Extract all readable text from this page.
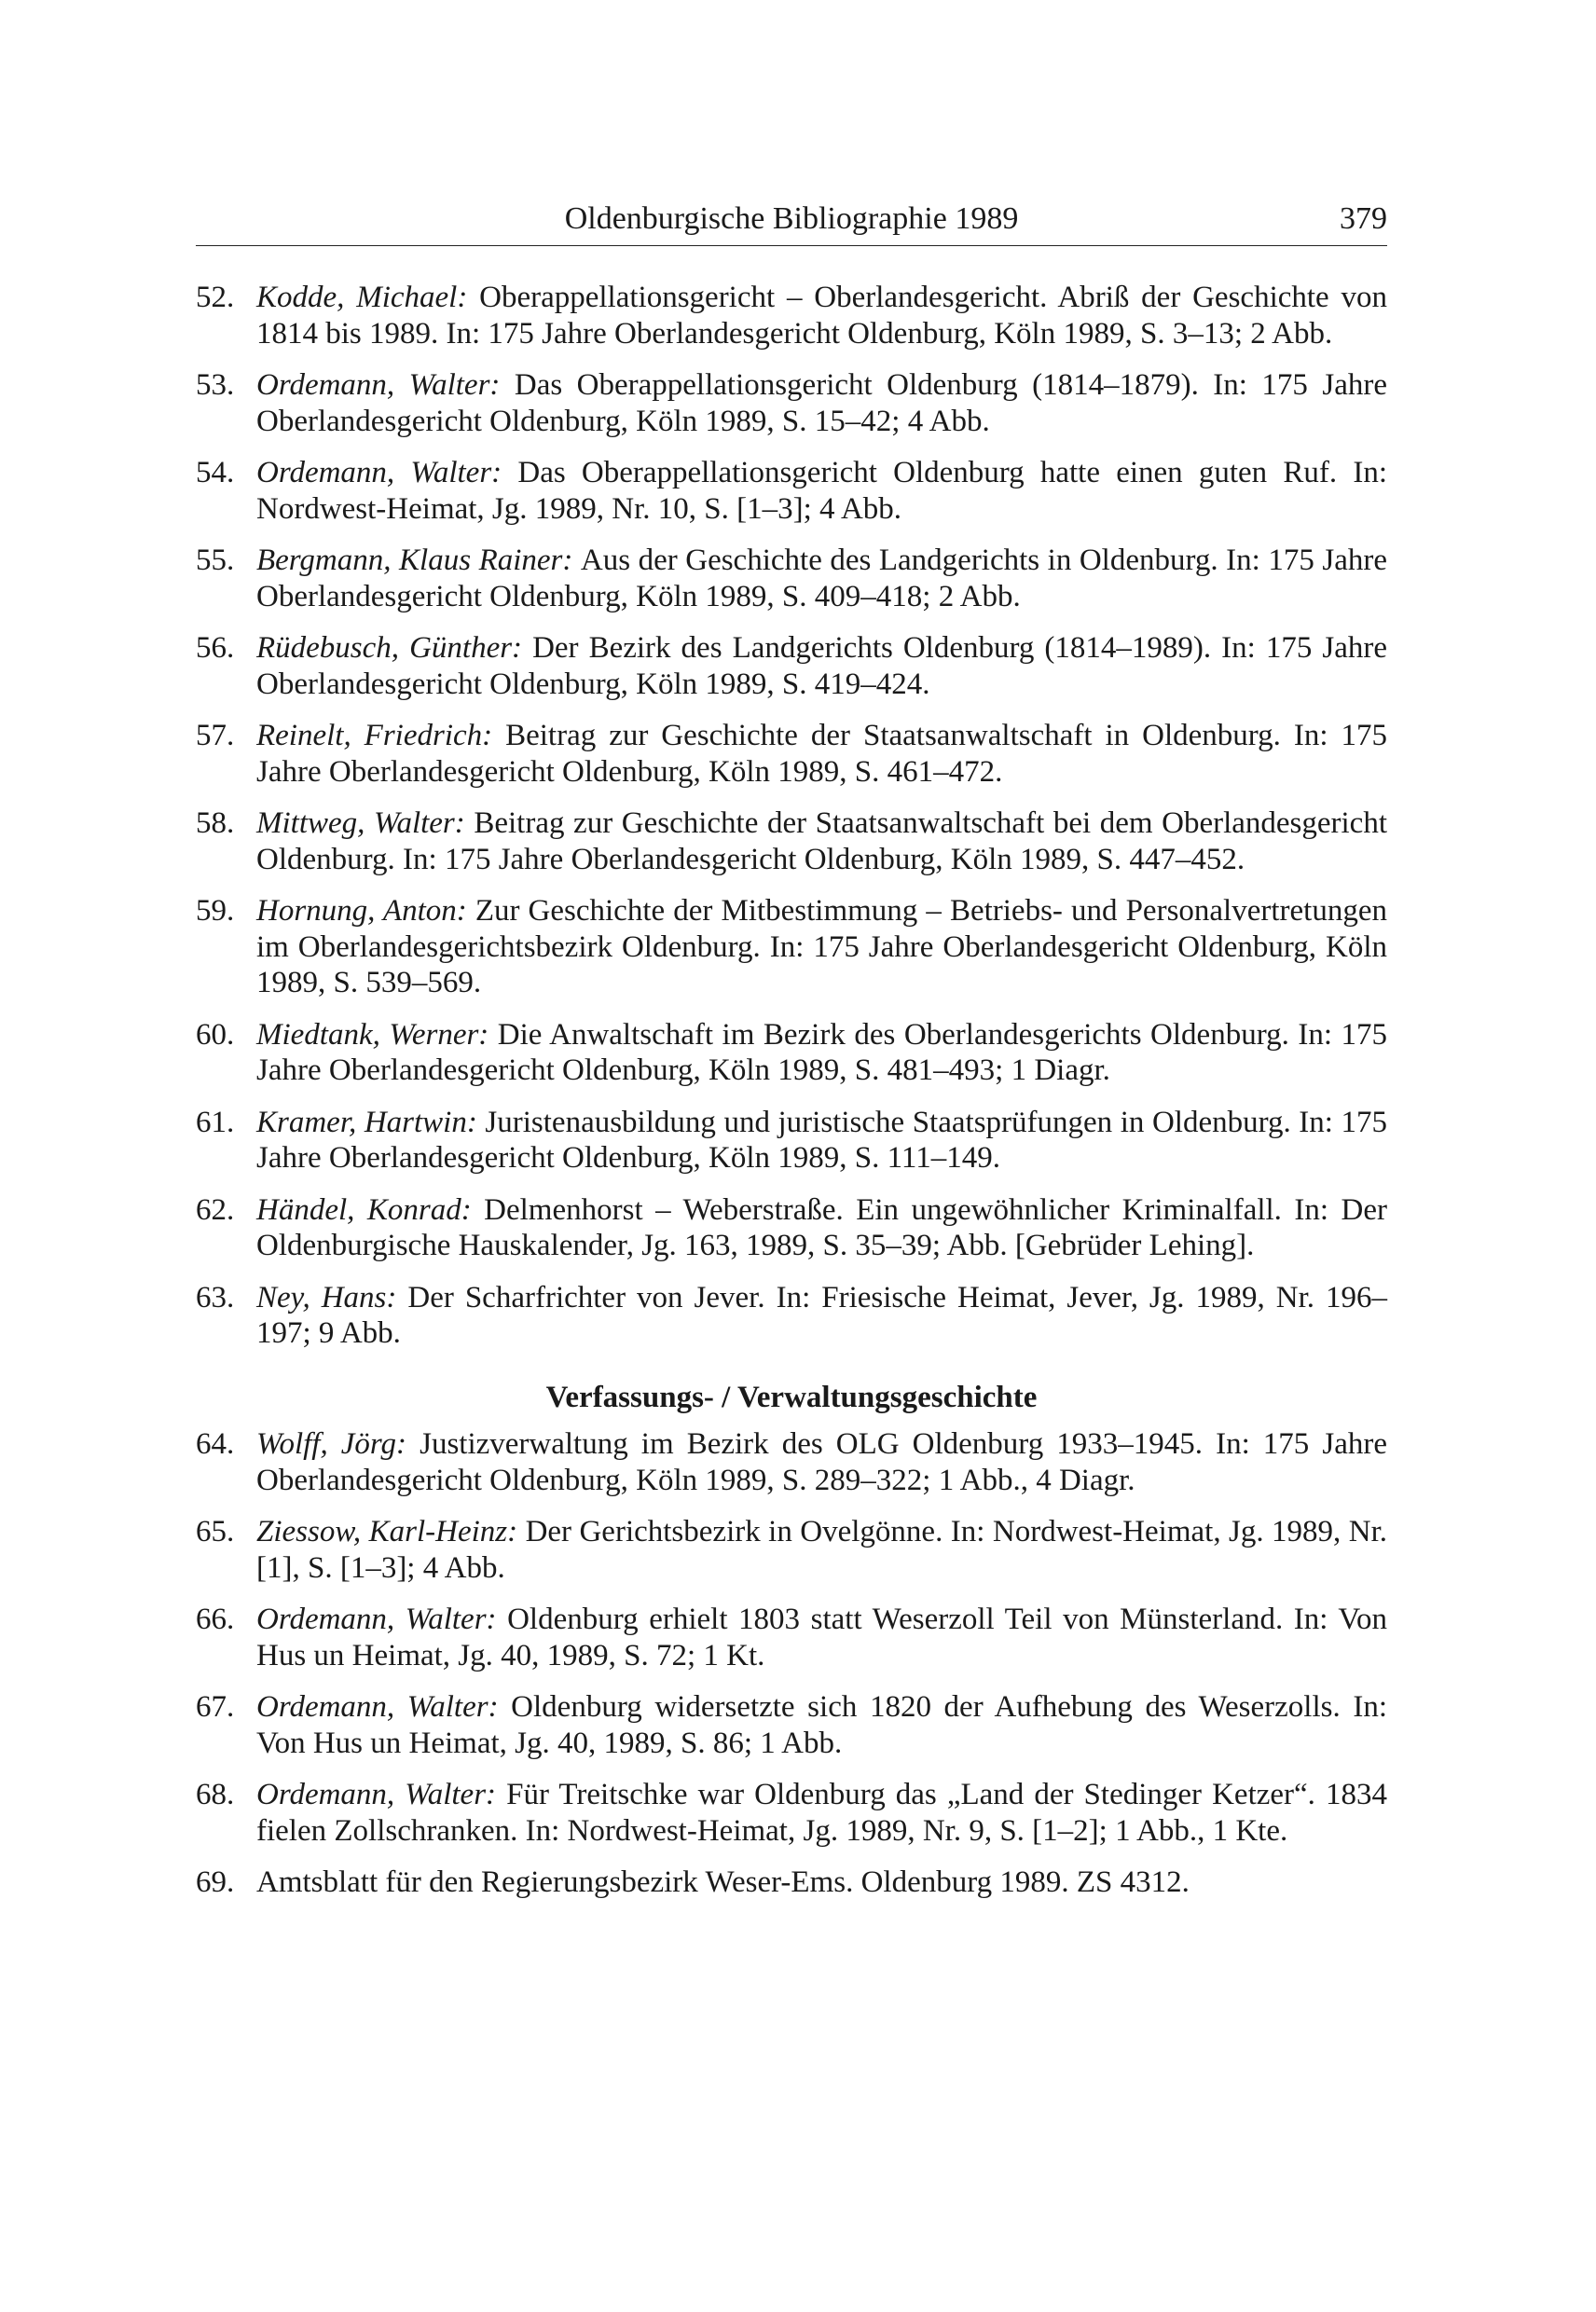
Oldenburgische Bibliographie 1989	379
52. Kodde, Michael: Oberappellationsgericht – Oberlandesgericht. Abriß der Geschichte von 1814 bis 1989. In: 175 Jahre Oberlandesgericht Oldenburg, Köln 1989, S. 3–13; 2 Abb.
53. Ordemann, Walter: Das Oberappellationsgericht Oldenburg (1814–1879). In: 175 Jahre Oberlandesgericht Oldenburg, Köln 1989, S. 15–42; 4 Abb.
54. Ordemann, Walter: Das Oberappellationsgericht Oldenburg hatte einen guten Ruf. In: Nordwest-Heimat, Jg. 1989, Nr. 10, S. [1–3]; 4 Abb.
55. Bergmann, Klaus Rainer: Aus der Geschichte des Landgerichts in Oldenburg. In: 175 Jahre Oberlandesgericht Oldenburg, Köln 1989, S. 409–418; 2 Abb.
56. Rüdebusch, Günther: Der Bezirk des Landgerichts Oldenburg (1814–1989). In: 175 Jahre Oberlandesgericht Oldenburg, Köln 1989, S. 419–424.
57. Reinelt, Friedrich: Beitrag zur Geschichte der Staatsanwaltschaft in Oldenburg. In: 175 Jahre Oberlandesgericht Oldenburg, Köln 1989, S. 461–472.
58. Mittweg, Walter: Beitrag zur Geschichte der Staatsanwaltschaft bei dem Oberlandesgericht Oldenburg. In: 175 Jahre Oberlandesgericht Oldenburg, Köln 1989, S. 447–452.
59. Hornung, Anton: Zur Geschichte der Mitbestimmung – Betriebs- und Personalvertretungen im Oberlandesgerichtsbezirk Oldenburg. In: 175 Jahre Oberlandesgericht Oldenburg, Köln 1989, S. 539–569.
60. Miedtank, Werner: Die Anwaltschaft im Bezirk des Oberlandesgerichts Oldenburg. In: 175 Jahre Oberlandesgericht Oldenburg, Köln 1989, S. 481–493; 1 Diagr.
61. Kramer, Hartwin: Juristenausbildung und juristische Staatsprüfungen in Oldenburg. In: 175 Jahre Oberlandesgericht Oldenburg, Köln 1989, S. 111–149.
62. Händel, Konrad: Delmenhorst – Weberstraße. Ein ungewöhnlicher Kriminalfall. In: Der Oldenburgische Hauskalender, Jg. 163, 1989, S. 35–39; Abb. [Gebrüder Lehing].
63. Ney, Hans: Der Scharfrichter von Jever. In: Friesische Heimat, Jever, Jg. 1989, Nr. 196–197; 9 Abb.
Verfassungs- / Verwaltungsgeschichte
64. Wolff, Jörg: Justizverwaltung im Bezirk des OLG Oldenburg 1933–1945. In: 175 Jahre Oberlandesgericht Oldenburg, Köln 1989, S. 289–322; 1 Abb., 4 Diagr.
65. Ziessow, Karl-Heinz: Der Gerichtsbezirk in Ovelgönne. In: Nordwest-Heimat, Jg. 1989, Nr. [1], S. [1–3]; 4 Abb.
66. Ordemann, Walter: Oldenburg erhielt 1803 statt Weserzoll Teil von Münsterland. In: Von Hus un Heimat, Jg. 40, 1989, S. 72; 1 Kt.
67. Ordemann, Walter: Oldenburg widersetzte sich 1820 der Aufhebung des Weserzolls. In: Von Hus un Heimat, Jg. 40, 1989, S. 86; 1 Abb.
68. Ordemann, Walter: Für Treitschke war Oldenburg das „Land der Stedinger Ketzer“. 1834 fielen Zollschranken. In: Nordwest-Heimat, Jg. 1989, Nr. 9, S. [1–2]; 1 Abb., 1 Kte.
69. Amtsblatt für den Regierungsbezirk Weser-Ems. Oldenburg 1989. ZS 4312.
